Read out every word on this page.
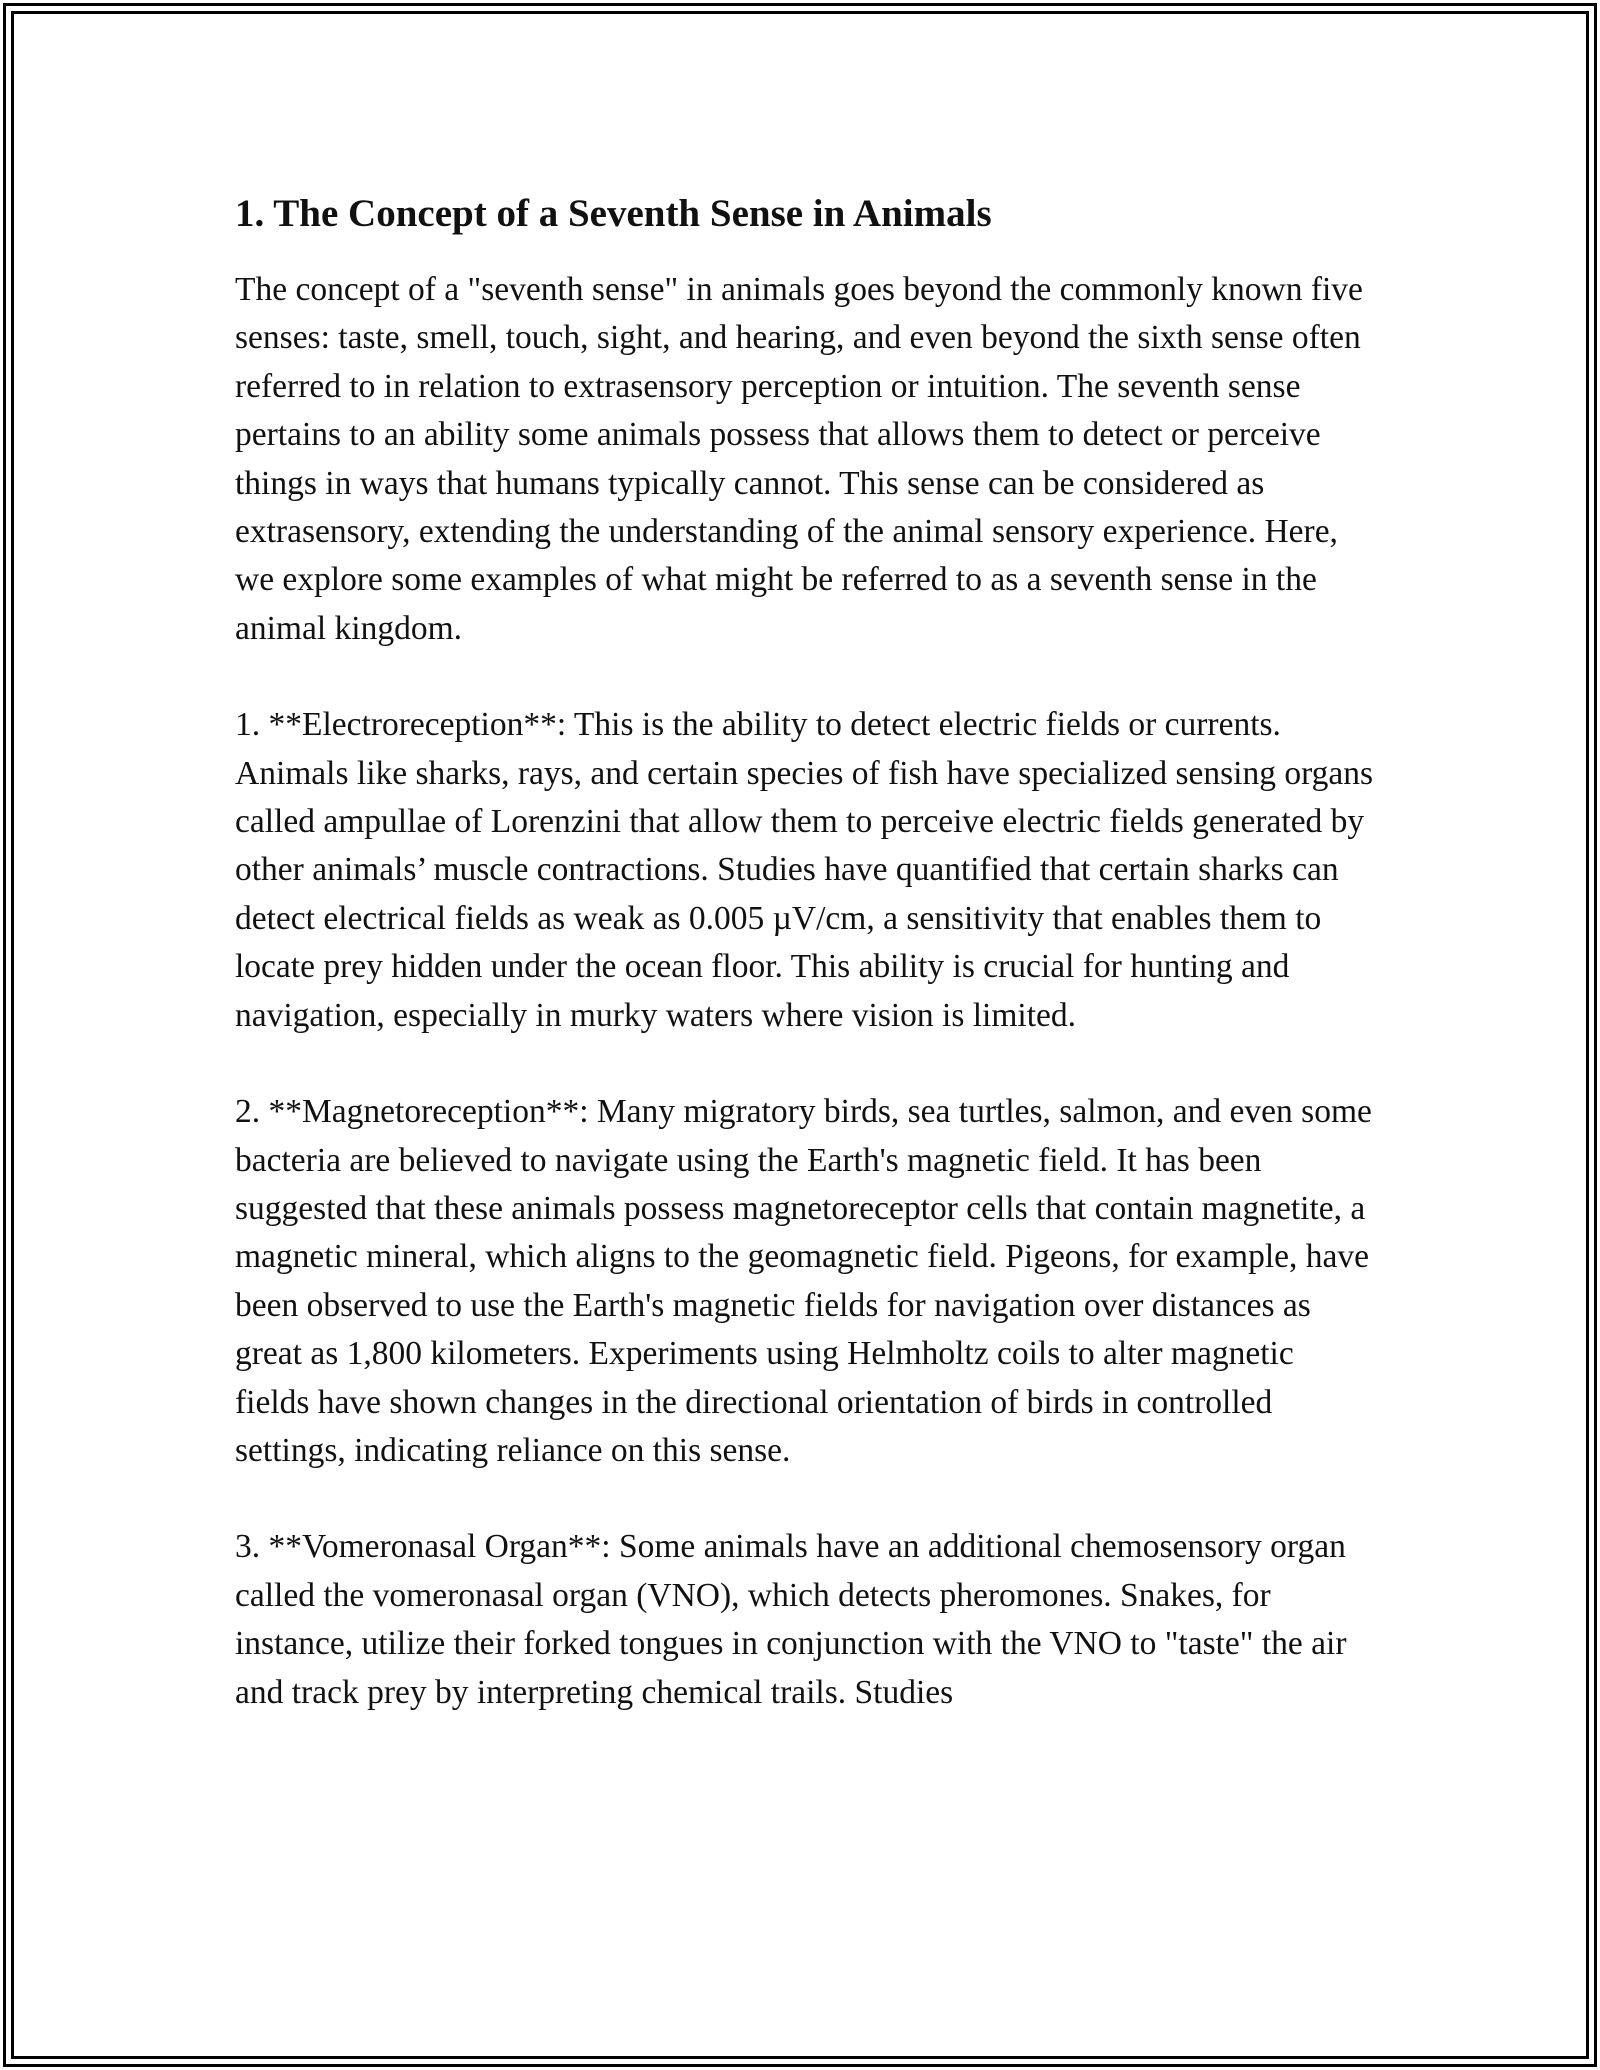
1. The Concept of a Seventh Sense in Animals

The concept of a "seventh sense" in animals goes beyond the commonly known five senses: taste, smell, touch, sight, and hearing, and even beyond the sixth sense often referred to in relation to extrasensory perception or intuition. The seventh sense pertains to an ability some animals possess that allows them to detect or perceive things in ways that humans typically cannot. This sense can be considered as extrasensory, extending the understanding of the animal sensory experience. Here, we explore some examples of what might be referred to as a seventh sense in the animal kingdom.

1. **Electroreception**: This is the ability to detect electric fields or currents. Animals like sharks, rays, and certain species of fish have specialized sensing organs called ampullae of Lorenzini that allow them to perceive electric fields generated by other animals’ muscle contractions. Studies have quantified that certain sharks can detect electrical fields as weak as 0.005 µV/cm, a sensitivity that enables them to locate prey hidden under the ocean floor. This ability is crucial for hunting and navigation, especially in murky waters where vision is limited.

2. **Magnetoreception**: Many migratory birds, sea turtles, salmon, and even some bacteria are believed to navigate using the Earth's magnetic field. It has been suggested that these animals possess magnetoreceptor cells that contain magnetite, a magnetic mineral, which aligns to the geomagnetic field. Pigeons, for example, have been observed to use the Earth's magnetic fields for navigation over distances as great as 1,800 kilometers. Experiments using Helmholtz coils to alter magnetic fields have shown changes in the directional orientation of birds in controlled settings, indicating reliance on this sense.

3. **Vomeronasal Organ**: Some animals have an additional chemosensory organ called the vomeronasal organ (VNO), which detects pheromones. Snakes, for instance, utilize their forked tongues in conjunction with the VNO to "taste" the air and track prey by interpreting chemical trails. Studies
